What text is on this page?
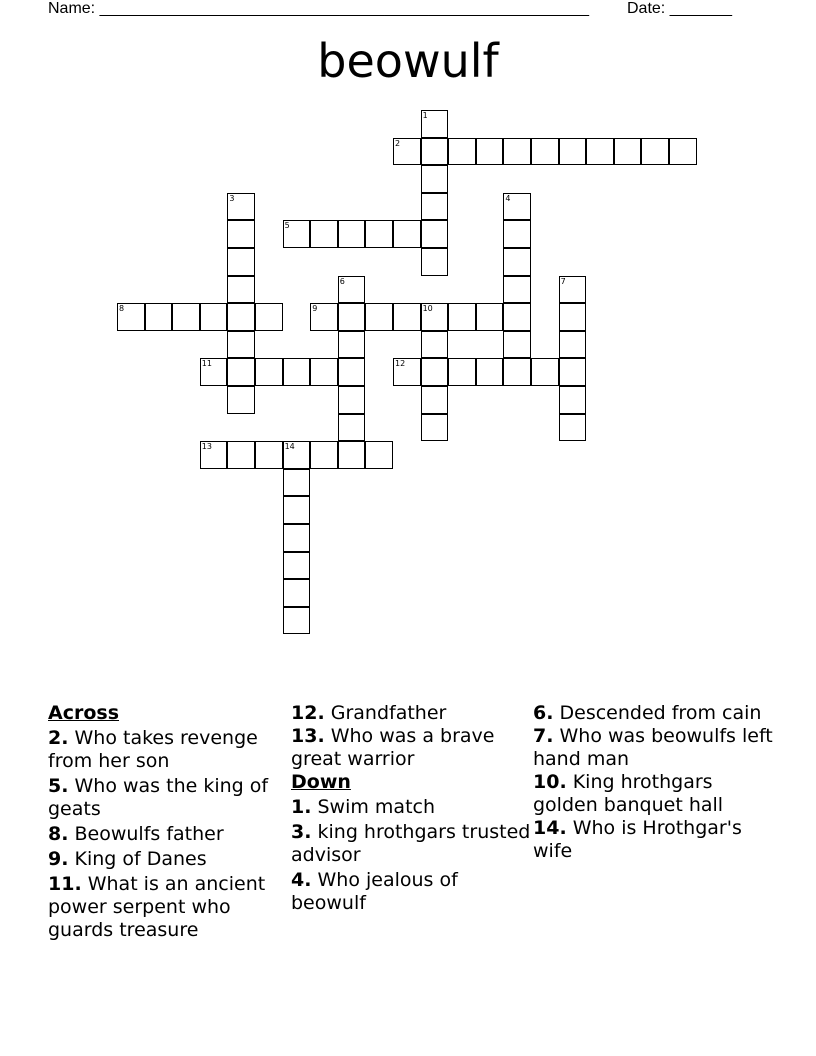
Name: _______________________________________________________ Date: _______
beowulf
1
2
3	4
5
6	7
8	9	10
11	12
13	14
Across
2. Who takes revenge from her son
5. Who was the king of geats
8. Beowulfs father
9. King of Danes
11. What is an ancient power serpent who guards treasure
12. Grandfather
13. Who was a brave great warrior
Down
1. Swim match
3. king hrothgars trusted advisor
4. Who jealous of beowulf
6. Descended from cain
7. Who was beowulfs left hand man
10. King hrothgars golden banquet hall
14. Who is Hrothgar's wife
